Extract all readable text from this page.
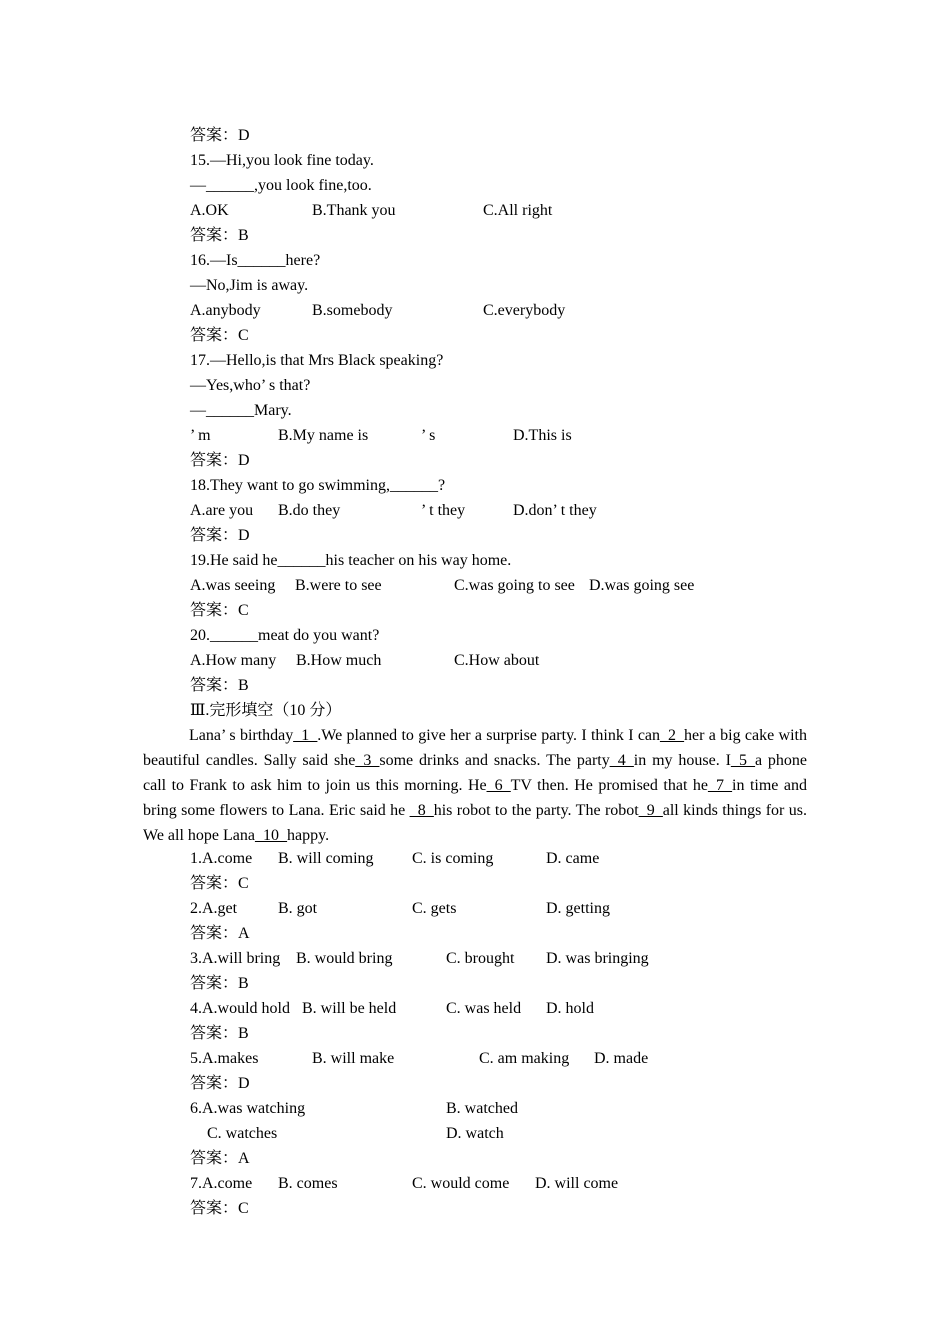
答案：D
15.—Hi,you look fine today.
—______,you look fine,too.
A.OK	B.Thank you	C.All right
答案：B
16.—Is______here?
—No,Jim is away.
A.anybody	B.somebody	C.everybody
答案：C
17.—Hello,is that Mrs Black speaking?
—Yes,who’ s that?
—______Mary.
’ m	B.My name is	’ s	D.This is
答案：D
18.They want to go swimming,______?
A.are you B.do they	’ t they	D.don’ t they
答案：D
19.He said he______his teacher on his way home.
A.was seeing B.were to see	C.was going to see D.was going see
答案：C
20.______meat do you want?
A.How many B.How much	C.How about
答案：B
Ⅲ.完形填空（10 分）
Lana’ s birthday_1_.We planned to give her a surprise party. I think I can_2_her a big cake with beautiful candles. Sally said she_3_some drinks and snacks. The party_4_in my house. I_5_a phone call to Frank to ask him to join us this morning. He_6_TV then. He promised that he_7_in time and bring some flowers to Lana. Eric said he _8_his robot to the party. The robot_9_all kinds things for us. We all hope Lana_10_happy.
1.A.come B. will coming C. is coming	D. came
答案：C
2.A.get	B. got	C. gets	D. getting
答案：A
3.A.will bring B. would bring	C. brought D. was bringing
答案：B
4.A.would hold B. will be held	C. was held D. hold
答案：B
5.A.makes	B. will make	C. am making D. made
答案：D
6.A.was watching	B. watched
C. watches	D. watch
答案：A
7.A.come B. comes	C. would come D. will come
答案：C
